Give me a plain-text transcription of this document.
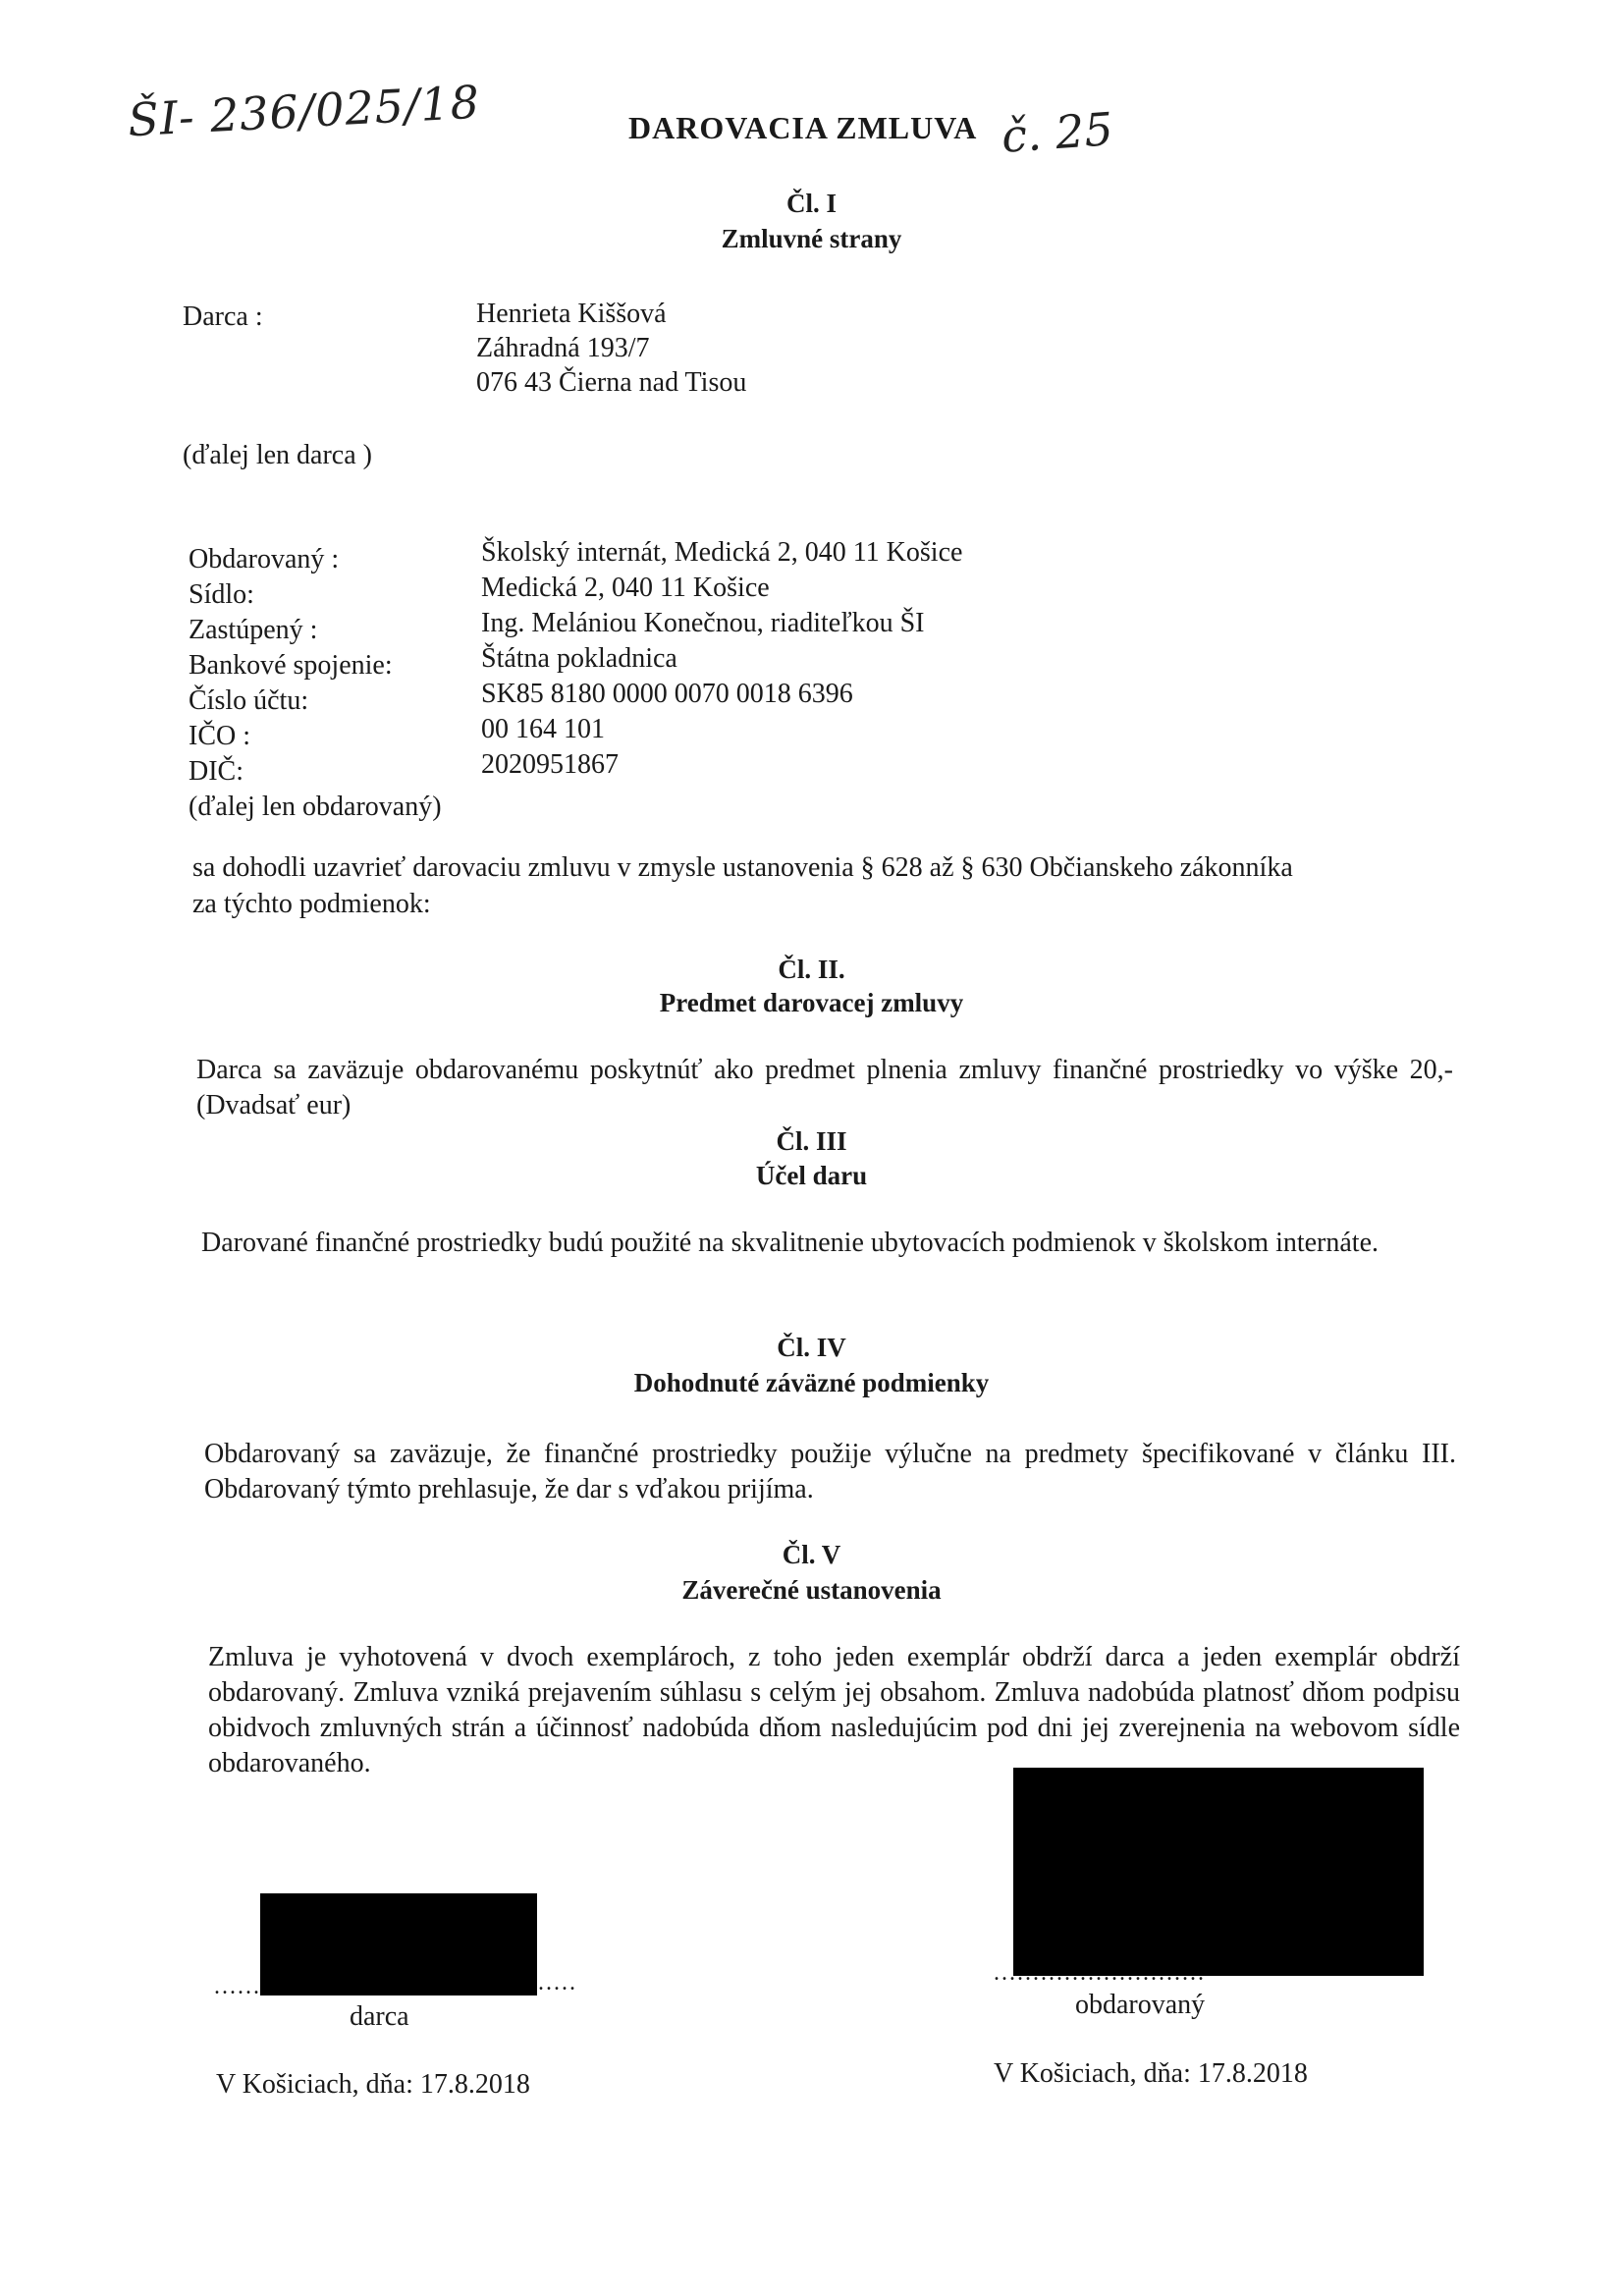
ŠI- 236/025/18	DAROVACIA ZMLUVA č. 25
Čl. I
Zmluvné strany
Darca :	Henrieta Kiššová
Záhradná 193/7
076 43 Čierna nad Tisou
(ďalej len darca )
Obdarovaný :	Školský internát, Medická 2, 040 11 Košice
Sídlo:	Medická 2, 040 11 Košice
Zastúpený :	Ing. Melániou Konečnou, riaditeľkou ŠI
Bankové spojenie:	Štátna pokladnica
Číslo účtu:	SK85 8180 0000 0070 0018 6396
IČO :	00 164 101
DIČ:	2020951867
(ďalej len obdarovaný)
sa dohodli uzavrieť darovaciu zmluvu v zmysle ustanovenia § 628 až § 630 Občianskeho zákonníka
za týchto podmienok:
Čl. II.
Predmet darovacej zmluvy
Darca sa zaväzuje obdarovanému poskytnúť ako predmet plnenia zmluvy finančné prostriedky vo výške 20,- (Dvadsať eur)
Čl. III
Účel daru
Darované finančné prostriedky budú použité na skvalitnenie ubytovacích podmienok v školskom internáte.
Čl. IV
Dohodnuté záväzné podmienky
Obdarovaný sa zaväzuje, že finančné prostriedky použije výlučne na predmety špecifikované v článku III. Obdarovaný týmto prehlasuje, že dar s vďakou prijíma.
Čl. V
Záverečné ustanovenia
Zmluva je vyhotovená v dvoch exemplároch, z toho jeden exemplár obdrží darca a jeden exemplár obdrží obdarovaný. Zmluva vzniká prejavením súhlasu s celým jej obsahom. Zmluva nadobúda platnosť dňom podpisu obidvoch zmluvných strán a účinnosť nadobúda dňom nasledujúcim pod dni jej zverejnenia na webovom sídle obdarovaného.
......	.....
darca
...........................
obdarovaný
V Košiciach, dňa: 17.8.2018	V Košiciach, dňa: 17.8.2018
